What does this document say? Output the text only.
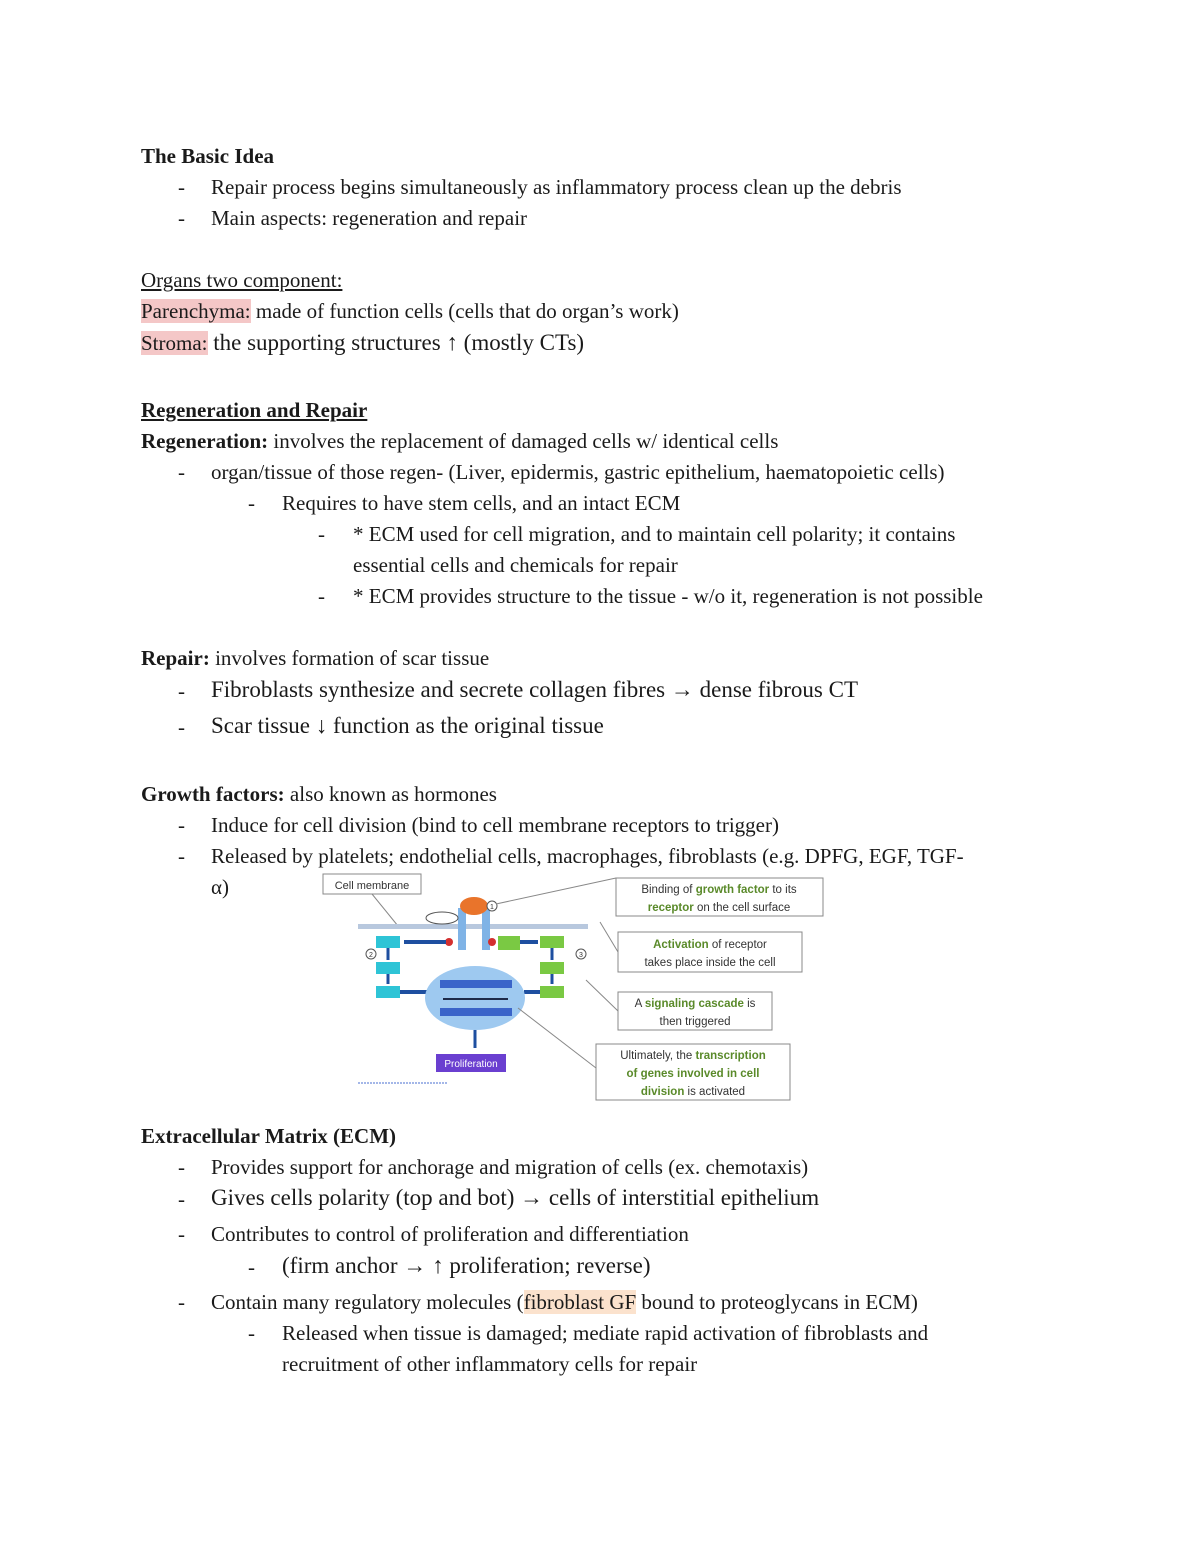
The Basic Idea
- Repair process begins simultaneously as inflammatory process clean up the debris
- Main aspects: regeneration and repair
Organs two component:
Parenchyma: made of function cells (cells that do organ’s work)
Stroma: the supporting structures ↑ (mostly CTs)
Regeneration and Repair
Regeneration: involves the replacement of damaged cells w/ identical cells
- organ/tissue of those regen- (Liver, epidermis, gastric epithelium, haematopoietic cells)
- Requires to have stem cells, and an intact ECM
- * ECM used for cell migration, and to maintain cell polarity; it contains
essential cells and chemicals for repair
- * ECM provides structure to the tissue - w/o it, regeneration is not possible
Repair: involves formation of scar tissue
- Fibroblasts synthesize and secrete collagen fibres → dense fibrous CT
- Scar tissue ↓ function as the original tissue
Growth factors: also known as hormones
- Induce for cell division (bind to cell membrane receptors to trigger)
- Released by platelets; endothelial cells, macrophages, fibroblasts (e.g. DPFG, EGF, TGF-
α)	Cell membrane
1
2	3
Proliferation
Binding of growth factor to its
receptor on the cell surface
Activation of receptor
takes place inside the cell
A signaling cascade is
then triggered
Ultimately, the transcription
of genes involved in cell
division is activated
Extracellular Matrix (ECM)
- Provides support for anchorage and migration of cells (ex. chemotaxis)
- Gives cells polarity (top and bot) → cells of interstitial epithelium
- Contributes to control of proliferation and differentiation
- (firm anchor → ↑ proliferation; reverse)
- Contain many regulatory molecules (fibroblast GF bound to proteoglycans in ECM)
- Released when tissue is damaged; mediate rapid activation of fibroblasts and
recruitment of other inflammatory cells for repair
